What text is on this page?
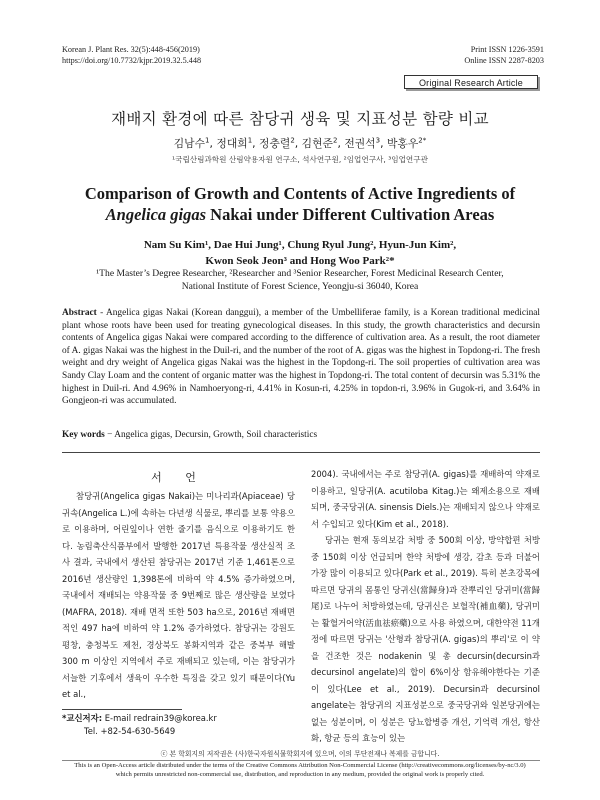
Korean J. Plant Res. 32(5):448-456(2019)
https://doi.org/10.7732/kjpr.2019.32.5.448
Print ISSN 1226-3591
Online ISSN 2287-8203
Original Research Article
재배지 환경에 따른 참당귀 생육 및 지표성분 함량 비교
김남수$^1$, 정대희$^1$, 정충렬$^2$, 김현준$^2$, 전권석$^3$, 박홍우$^{2*}$
¹국립산림과학원 산림약용자원 연구소, 석사연구원, ²임업연구사, ³임업연구관
Comparison of Growth and Contents of Active Ingredients of
Angelica gigas Nakai under Different Cultivation Areas
Nam Su Kim¹, Dae Hui Jung¹, Chung Ryul Jung², Hyun-Jun Kim²,
Kwon Seok Jeon³ and Hong Woo Park²*
¹The Master’s Degree Researcher, ²Researcher and ³Senior Researcher, Forest Medicinal Research Center,
National Institute of Forest Science, Yeongju-si 36040, Korea
Abstract - Angelica gigas Nakai (Korean danggui), a member of the Umbelliferae family, is a Korean traditional medicinal plant whose roots have been used for treating gynecological diseases. In this study, the growth characteristics and decursin contents of Angelica gigas Nakai were compared according to the difference of cultivation area. As a result, the root diameter of A. gigas Nakai was the highest in the Duil-ri, and the number of the root of A. gigas was the highest in Topdong-ri. The fresh weight and dry weight of Angelica gigas Nakai was the highest in the Topdong-ri. The soil properties of cultivation area was Sandy Clay Loam and the content of organic matter was the highest in Topdong-ri. The total content of decursin was 5.31% the highest in Duil-ri. And 4.96% in Namhoeryong-ri, 4.41% in Kosun-ri, 4.25% in topdon-ri, 3.96% in Gugok-ri, and 3.64% in Gongjeon-ri was accumulated.
Key words − Angelica gigas, Decursin, Growth, Soil characteristics
서 언

참당귀(Angelica gigas Nakai)는 미나리과(Apiaceae) 당귀속(Angelica L.)에 속하는 다년생 식물로, 뿌리를 보통 약용으로 이용하며, 어린잎이나 연한 줄기를 음식으로 이용하기도 한다. 농림축산식품부에서 발행한 2017년 특용작물 생산실적 조사 결과, 국내에서 생산된 참당귀는 2017년 기준 1,461톤으로 2016년 생산량인 1,398톤에 비하여 약 4.5% 증가하였으며, 국내에서 재배되는 약용작물 중 9번째로 많은 생산량을 보였다(MAFRA, 2018). 재배 면적 또한 503 ha으로, 2016년 재배면적인 497 ha에 비하여 약 1.2% 증가하였다. 참당귀는 강원도 평창, 충청북도 제천, 경상북도 봉화지역과 같은 중북부 해발 300 m 이상인 지역에서 주로 재배되고 있는데, 이는 참당귀가 서늘한 기후에서 생육이 우수한 특징을 갖고 있기 때문이다(Yu et al.,

2004). 국내에서는 주로 참당귀(A. gigas)를 재배하여 약재로 이용하고, 일당귀(A. acutiloba Kitag.)는 왜제소용으로 재배되며, 중국당귀(A. sinensis Diels.)는 재배되지 않으나 약재로서 수입되고 있다(Kim et al., 2018).

당귀는 현재 동의보감 처방 중 500회 이상, 방약합편 처방 중 150회 이상 언급되며 한약 처방에 생강, 감초 등과 더불어 가장 많이 이용되고 있다(Park et al., 2019). 특히 본초강목에 따르면 당귀의 몸통인 당귀신(當歸身)과 잔뿌리인 당귀미(當歸尾)로 나누어 처방하였는데, 당귀신은 보혈작(補血藥), 당귀미는 활혈거어약(活血祛瘀藥)으로 사용 하였으며, 대한약전 11개정에 따르면 당귀는 '산형과 참당귀(A. gigas)의 뿌리'로 이 약을 건조한 것은 nodakenin 및 총 decursin(decursin과 decursinol angelate)의 합이 6%이상 함유해야한다는 기준이 있다(Lee et al., 2019). Decursin과 decursinol angelate는 참당귀의 지표성분으로 중국당귀와 일본당귀에는 없는 성분이며, 이 성분은 당뇨합병증 개선, 기억력 개선, 항산화, 항균 등의 효능이 있는

*교신저자: E-mail redrain39@korea.kr
Tel. +82-54-630-5649
ⓒ 본 학회지의 저작권은 (사)한국자원식물학회지에 있으며, 이의 무단전재나 복제를 금합니다.
This is an Open-Access article distributed under the terms of the Creative Commons Attribution Non-Commercial License (http://creativecommons.org/licenses/by-nc/3.0)
which permits unrestricted non-commercial use, distribution, and reproduction in any medium, provided the original work is properly cited.
